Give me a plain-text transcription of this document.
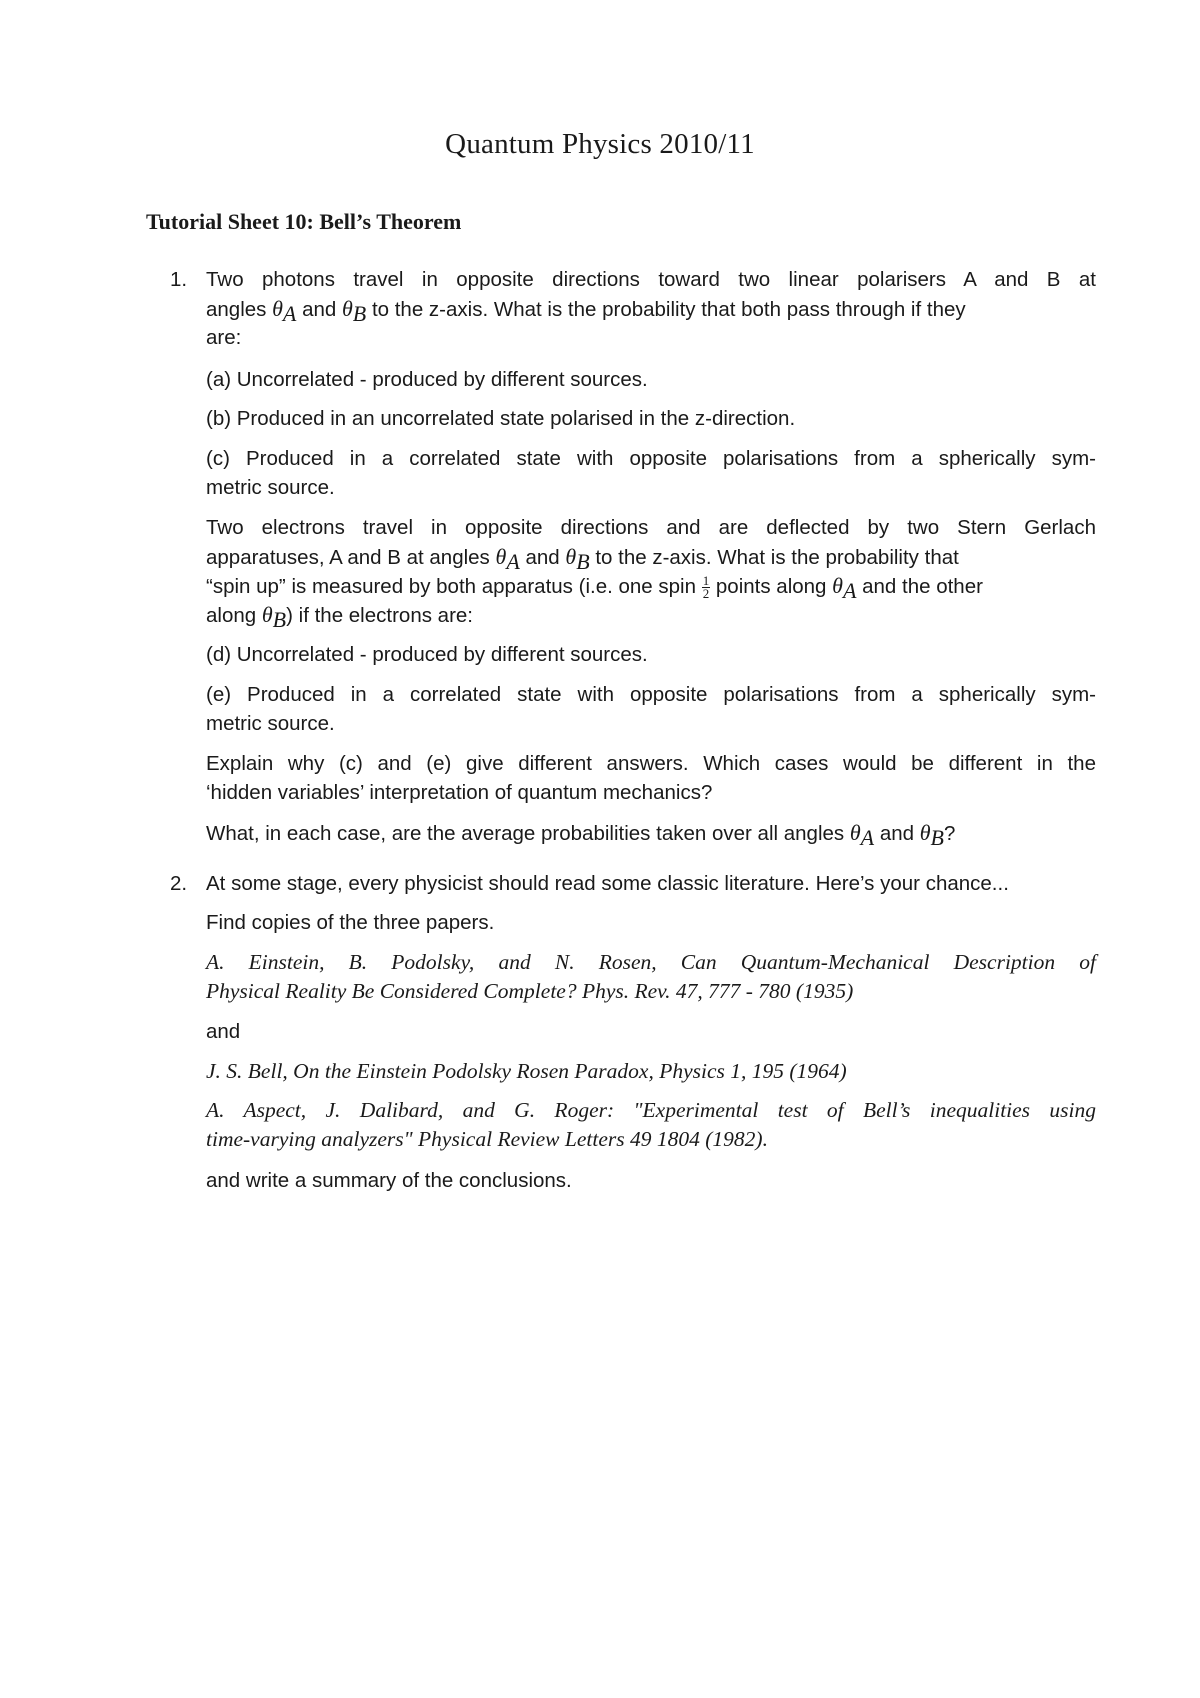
Quantum Physics 2010/11
Tutorial Sheet 10: Bell’s Theorem
1. Two photons travel in opposite directions toward two linear polarisers A and B at
angles $\theta_A$ and $\theta_B$ to the z-axis. What is the probability that both pass through if they
are:
(a) Uncorrelated - produced by different sources.
(b) Produced in an uncorrelated state polarised in the z-direction.
(c) Produced in a correlated state with opposite polarisations from a spherically sym-
metric source.
Two electrons travel in opposite directions and are deflected by two Stern Gerlach
apparatuses, A and B at angles $\theta_A$ and $\theta_B$ to the z-axis. What is the probability that
“spin up” is measured by both apparatus (i.e. one spin $\frac{1}{2}$ points along $\theta_A$ and the other
along $\theta_B$) if the electrons are:
(d) Uncorrelated - produced by different sources.
(e) Produced in a correlated state with opposite polarisations from a spherically sym-
metric source.
Explain why (c) and (e) give different answers. Which cases would be different in the
‘hidden variables’ interpretation of quantum mechanics?
What, in each case, are the average probabilities taken over all angles $\theta_A$ and $\theta_B$?
2. At some stage, every physicist should read some classic literature. Here’s your chance...
Find copies of the three papers.
A. Einstein, B. Podolsky, and N. Rosen, Can Quantum-Mechanical Description of
Physical Reality Be Considered Complete? Phys. Rev. 47, 777 - 780 (1935)
and
J. S. Bell, On the Einstein Podolsky Rosen Paradox, Physics 1, 195 (1964)
A. Aspect, J. Dalibard, and G. Roger: "Experimental test of Bell’s inequalities using
time-varying analyzers" Physical Review Letters 49 1804 (1982).
and write a summary of the conclusions.
